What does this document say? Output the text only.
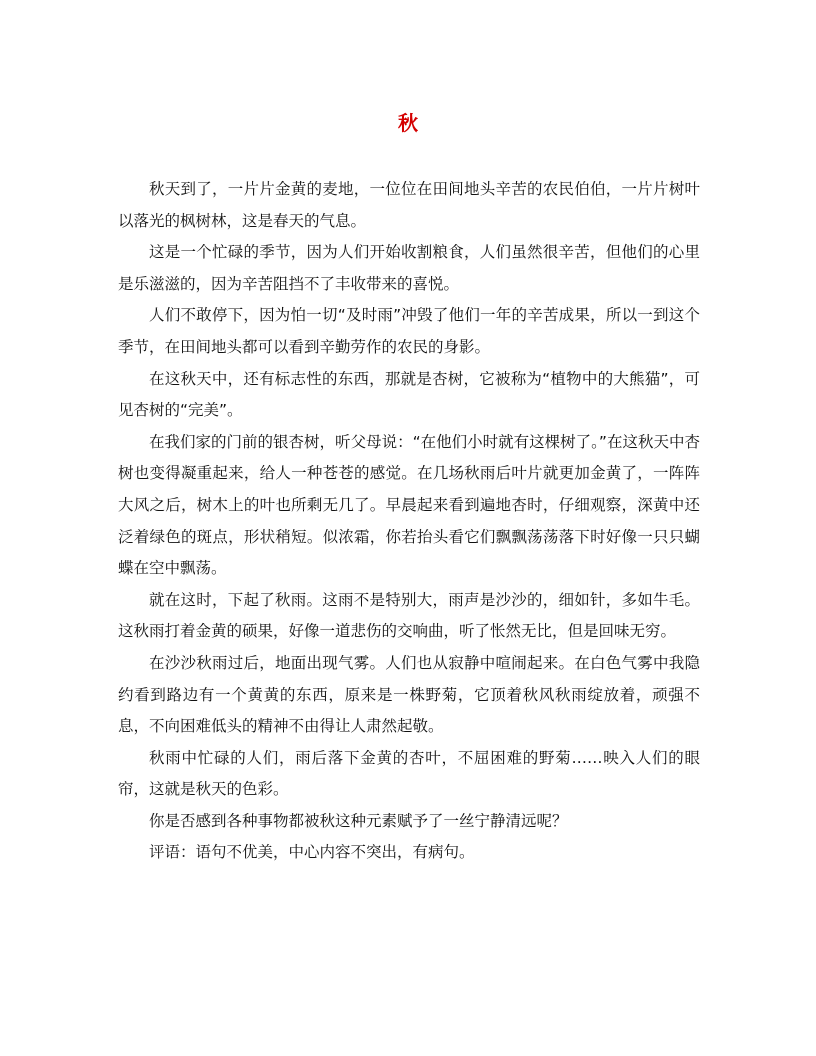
秋

秋天到了，一片片金黄的麦地，一位位在田间地头辛苦的农民伯伯，一片片树叶以落光的枫树林，这是春天的气息。

这是一个忙碌的季节，因为人们开始收割粮食，人们虽然很辛苦，但他们的心里是乐滋滋的，因为辛苦阻挡不了丰收带来的喜悦。

人们不敢停下，因为怕一切“及时雨”冲毁了他们一年的辛苦成果，所以一到这个季节，在田间地头都可以看到辛勤劳作的农民的身影。

在这秋天中，还有标志性的东西，那就是杏树，它被称为“植物中的大熊猫”，可见杏树的“完美”。

在我们家的门前的银杏树，听父母说：“在他们小时就有这棵树了。”在这秋天中杏树也变得凝重起来，给人一种苍苍的感觉。在几场秋雨后叶片就更加金黄了，一阵阵大风之后，树木上的叶也所剩无几了。早晨起来看到遍地杏时，仔细观察，深黄中还泛着绿色的斑点，形状稍短。似浓霜，你若抬头看它们飘飘荡荡落下时好像一只只蝴蝶在空中飘荡。

就在这时，下起了秋雨。这雨不是特别大，雨声是沙沙的，细如针，多如牛毛。这秋雨打着金黄的硕果，好像一道悲伤的交响曲，听了怅然无比，但是回味无穷。

在沙沙秋雨过后，地面出现气雾。人们也从寂静中喧闹起来。在白色气雾中我隐约看到路边有一个黄黄的东西，原来是一株野菊，它顶着秋风秋雨绽放着，顽强不息，不向困难低头的精神不由得让人肃然起敬。

秋雨中忙碌的人们，雨后落下金黄的杏叶，不屈困难的野菊……映入人们的眼帘，这就是秋天的色彩。

你是否感到各种事物都被秋这种元素赋予了一丝宁静清远呢？

评语：语句不优美，中心内容不突出，有病句。
